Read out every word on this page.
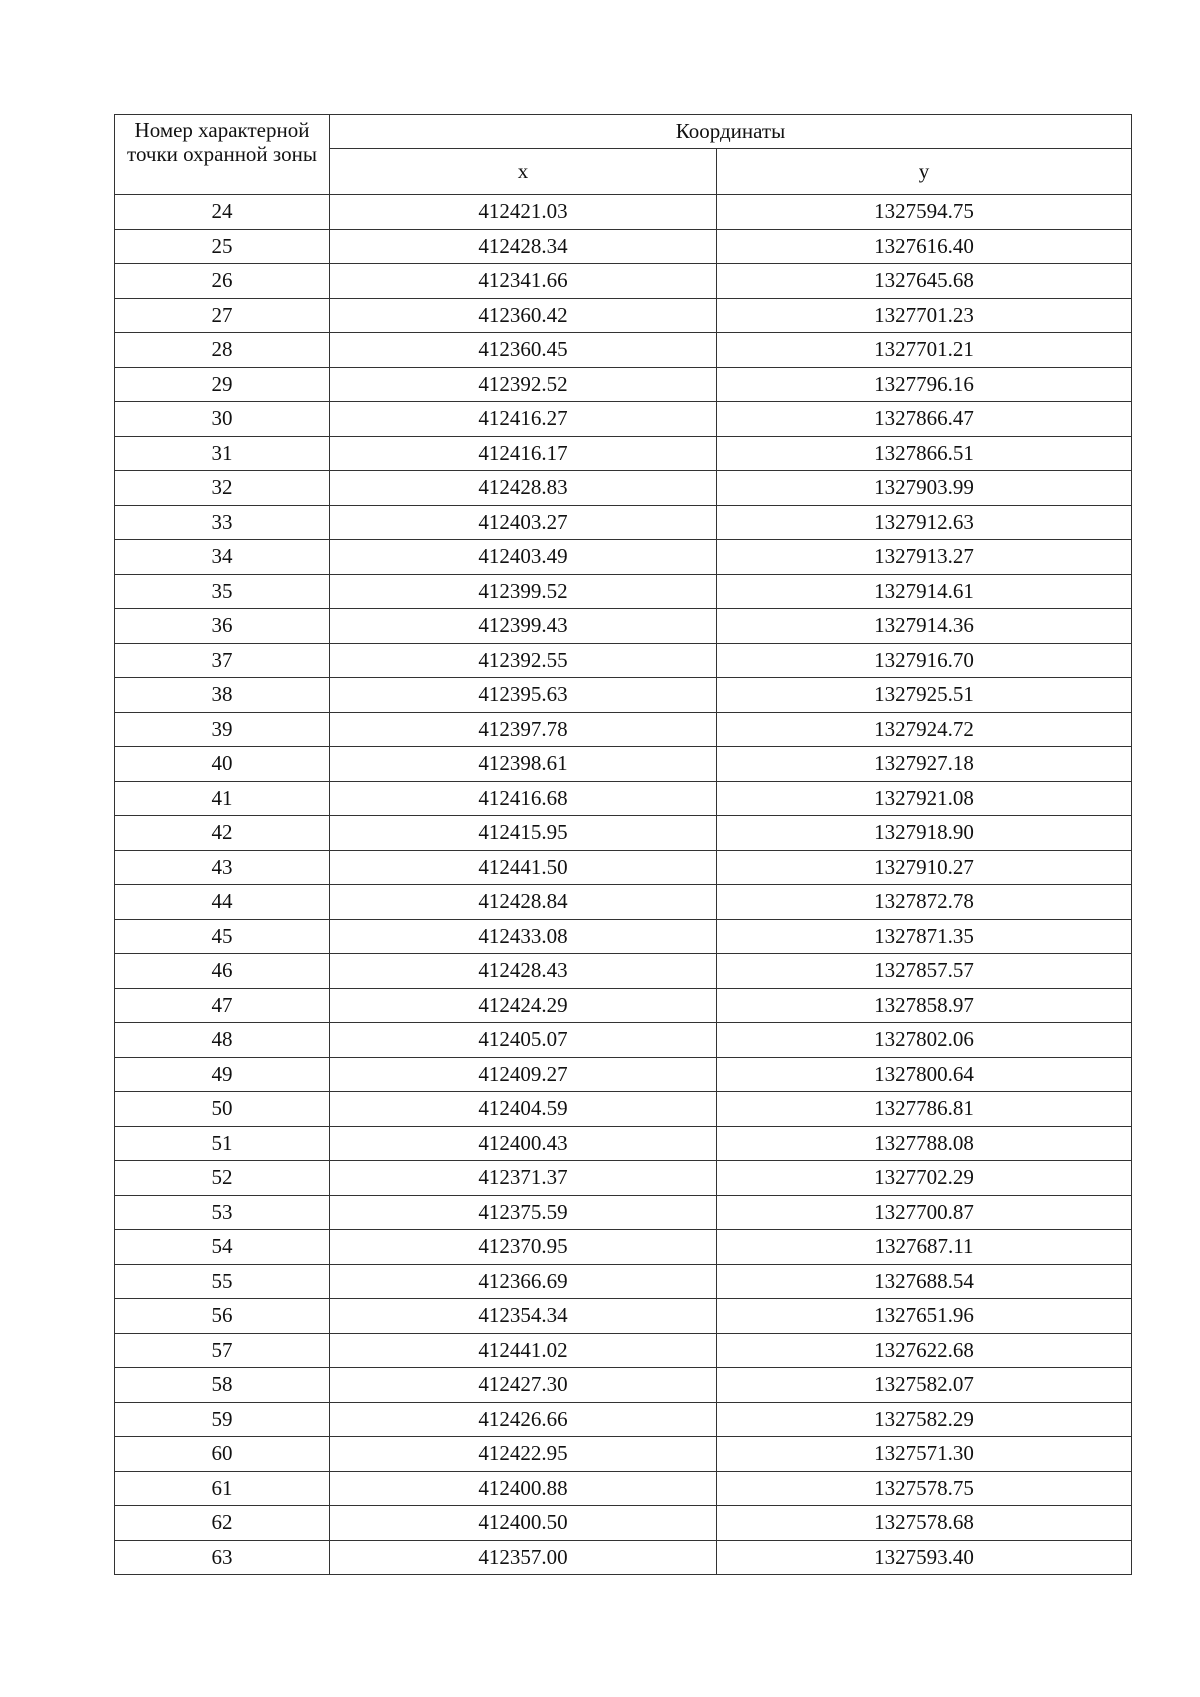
Номер характерной точки охранной зоны	Координаты	
	x	y
24	412421.03	1327594.75
25	412428.34	1327616.40
26	412341.66	1327645.68
27	412360.42	1327701.23
28	412360.45	1327701.21
29	412392.52	1327796.16
30	412416.27	1327866.47
31	412416.17	1327866.51
32	412428.83	1327903.99
33	412403.27	1327912.63
34	412403.49	1327913.27
35	412399.52	1327914.61
36	412399.43	1327914.36
37	412392.55	1327916.70
38	412395.63	1327925.51
39	412397.78	1327924.72
40	412398.61	1327927.18
41	412416.68	1327921.08
42	412415.95	1327918.90
43	412441.50	1327910.27
44	412428.84	1327872.78
45	412433.08	1327871.35
46	412428.43	1327857.57
47	412424.29	1327858.97
48	412405.07	1327802.06
49	412409.27	1327800.64
50	412404.59	1327786.81
51	412400.43	1327788.08
52	412371.37	1327702.29
53	412375.59	1327700.87
54	412370.95	1327687.11
55	412366.69	1327688.54
56	412354.34	1327651.96
57	412441.02	1327622.68
58	412427.30	1327582.07
59	412426.66	1327582.29
60	412422.95	1327571.30
61	412400.88	1327578.75
62	412400.50	1327578.68
63	412357.00	1327593.40
